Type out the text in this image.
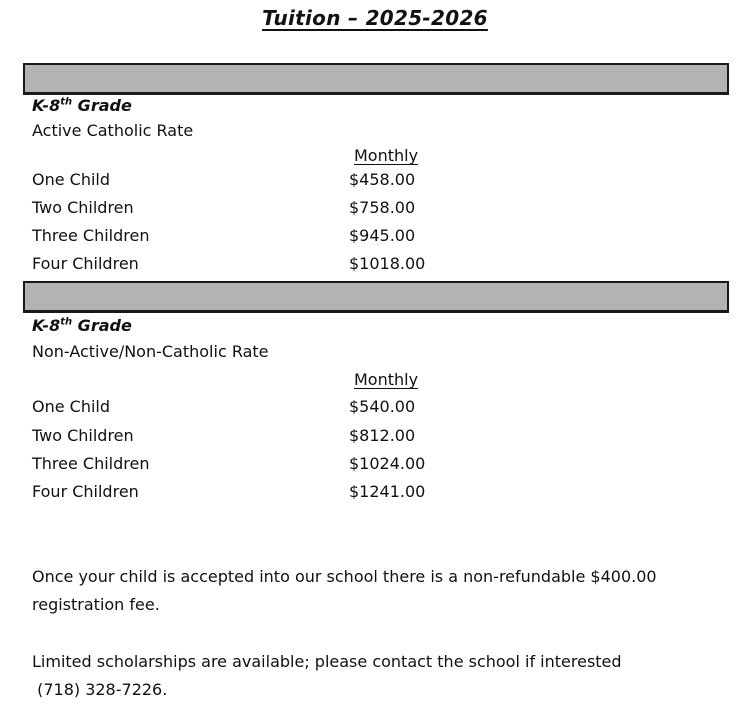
Tuition – 2025-2026
K-8th Grade
Active Catholic Rate
Monthly
One Child	$458.00
Two Children	$758.00
Three Children	$945.00
Four Children	$1018.00
K-8th Grade
Non-Active/Non-Catholic Rate
Monthly
One Child	$540.00
Two Children	$812.00
Three Children	$1024.00
Four Children	$1241.00
Once your child is accepted into our school there is a non-refundable $400.00
registration fee.
Limited scholarships are available; please contact the school if interested
(718) 328-7226.
